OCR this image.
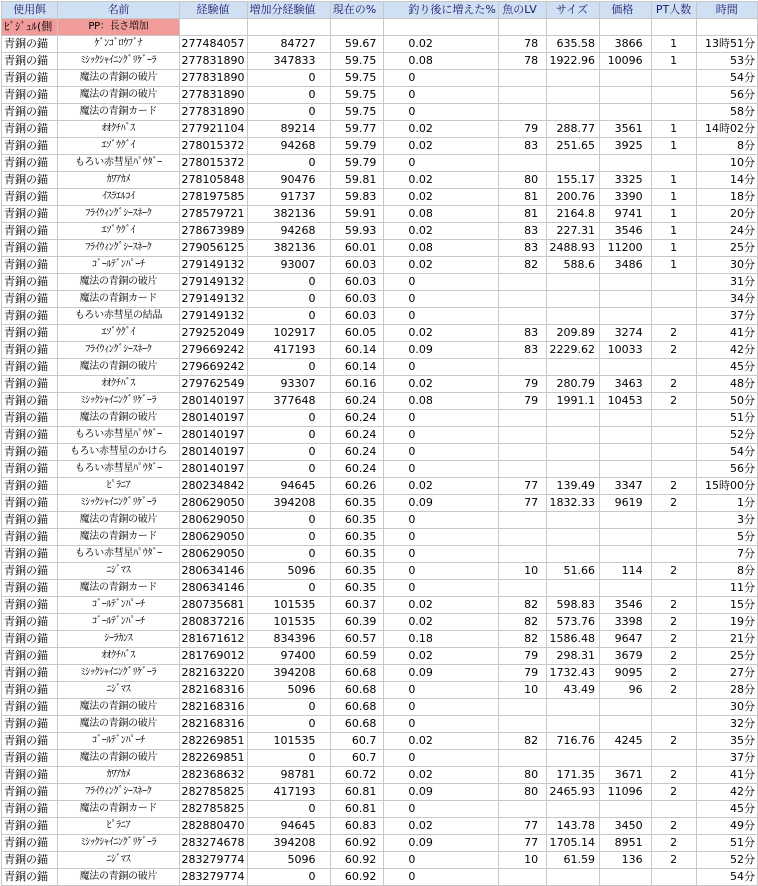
使用餌	名前	経験値	増加分経験値	現在の%	釣り後に増えた%	魚のLV	サイズ	価格	PT人数	時間
ﾋﾞｼﾞｭﾙ(側	PP：長さ増加									
青銅の錨	ｹﾞﾝｺﾞﾛｳﾌﾞﾅ	277484057	84727	59.67	0.02	78	635.58	3866	1	13時51分
青銅の錨	ﾐｼｯｸｼｬｲﾆﾝｸﾞﾘｹﾞｰﾗ	277831890	347833	59.75	0.08	78	1922.96	10096	1	53分
青銅の錨	魔法の青銅の破片	277831890	0	59.75	0					54分
青銅の錨	魔法の青銅の破片	277831890	0	59.75	0					56分
青銅の錨	魔法の青銅カード	277831890	0	59.75	0					58分
青銅の錨	ｵｵｸﾁﾊﾞｽ	277921104	89214	59.77	0.02	79	288.77	3561	1	14時02分
青銅の錨	ｴｿﾞｳｸﾞｲ	278015372	94268	59.79	0.02	83	251.65	3925	1	8分
青銅の錨	もろい赤彗星ﾊﾟｳﾀﾞｰ	278015372	0	59.79	0					10分
青銅の錨	ｶﾜｱｶﾒ	278105848	90476	59.81	0.02	80	155.17	3325	1	14分
青銅の錨	ｲｽﾗｴﾙｺｲ	278197585	91737	59.83	0.02	81	200.76	3390	1	18分
青銅の錨	ﾌﾗｲｳｨﾝｸﾞｼｰｽﾈｰｸ	278579721	382136	59.91	0.08	81	2164.8	9741	1	20分
青銅の錨	ｴｿﾞｳｸﾞｲ	278673989	94268	59.93	0.02	83	227.31	3546	1	24分
青銅の錨	ﾌﾗｲｳｨﾝｸﾞｼｰｽﾈｰｸ	279056125	382136	60.01	0.08	83	2488.93	11200	1	25分
青銅の錨	ｺﾞｰﾙﾃﾞﾝﾊﾟｰﾁ	279149132	93007	60.03	0.02	82	588.6	3486	1	30分
青銅の錨	魔法の青銅の破片	279149132	0	60.03	0					31分
青銅の錨	魔法の青銅カード	279149132	0	60.03	0					34分
青銅の錨	もろい赤彗星の結晶	279149132	0	60.03	0					37分
青銅の錨	ｴｿﾞｳｸﾞｲ	279252049	102917	60.05	0.02	83	209.89	3274	2	41分
青銅の錨	ﾌﾗｲｳｨﾝｸﾞｼｰｽﾈｰｸ	279669242	417193	60.14	0.09	83	2229.62	10033	2	42分
青銅の錨	魔法の青銅の破片	279669242	0	60.14	0					45分
青銅の錨	ｵｵｸﾁﾊﾞｽ	279762549	93307	60.16	0.02	79	280.79	3463	2	48分
青銅の錨	ﾐｼｯｸｼｬｲﾆﾝｸﾞﾘｹﾞｰﾗ	280140197	377648	60.24	0.08	79	1991.1	10453	2	50分
青銅の錨	魔法の青銅の破片	280140197	0	60.24	0					51分
青銅の錨	もろい赤彗星ﾊﾟｳﾀﾞｰ	280140197	0	60.24	0					52分
青銅の錨	もろい赤彗星のかけら	280140197	0	60.24	0					54分
青銅の錨	もろい赤彗星ﾊﾟｳﾀﾞｰ	280140197	0	60.24	0					56分
青銅の錨	ﾋﾟﾗﾆｱ	280234842	94645	60.26	0.02	77	139.49	3347	2	15時00分
青銅の錨	ﾐｼｯｸｼｬｲﾆﾝｸﾞﾘｹﾞｰﾗ	280629050	394208	60.35	0.09	77	1832.33	9619	2	1分
青銅の錨	魔法の青銅の破片	280629050	0	60.35	0					3分
青銅の錨	魔法の青銅カード	280629050	0	60.35	0					5分
青銅の錨	もろい赤彗星ﾊﾟｳﾀﾞｰ	280629050	0	60.35	0					7分
青銅の錨	ﾆｼﾞﾏｽ	280634146	5096	60.35	0	10	51.66	114	2	8分
青銅の錨	魔法の青銅カード	280634146	0	60.35	0					11分
青銅の錨	ｺﾞｰﾙﾃﾞﾝﾊﾟｰﾁ	280735681	101535	60.37	0.02	82	598.83	3546	2	15分
青銅の錨	ｺﾞｰﾙﾃﾞﾝﾊﾟｰﾁ	280837216	101535	60.39	0.02	82	573.76	3398	2	19分
青銅の錨	ｼｰﾗｶﾝｽ	281671612	834396	60.57	0.18	82	1586.48	9647	2	21分
青銅の錨	ｵｵｸﾁﾊﾞｽ	281769012	97400	60.59	0.02	79	298.31	3679	2	25分
青銅の錨	ﾐｼｯｸｼｬｲﾆﾝｸﾞﾘｹﾞｰﾗ	282163220	394208	60.68	0.09	79	1732.43	9095	2	27分
青銅の錨	ﾆｼﾞﾏｽ	282168316	5096	60.68	0	10	43.49	96	2	28分
青銅の錨	魔法の青銅の破片	282168316	0	60.68	0					30分
青銅の錨	魔法の青銅の破片	282168316	0	60.68	0					32分
青銅の錨	ｺﾞｰﾙﾃﾞﾝﾊﾟｰﾁ	282269851	101535	60.7	0.02	82	716.76	4245	2	35分
青銅の錨	魔法の青銅の破片	282269851	0	60.7	0					37分
青銅の錨	ｶﾜｱｶﾒ	282368632	98781	60.72	0.02	80	171.35	3671	2	41分
青銅の錨	ﾌﾗｲｳｨﾝｸﾞｼｰｽﾈｰｸ	282785825	417193	60.81	0.09	80	2465.93	11096	2	42分
青銅の錨	魔法の青銅カード	282785825	0	60.81	0					45分
青銅の錨	ﾋﾟﾗﾆｱ	282880470	94645	60.83	0.02	77	143.78	3450	2	49分
青銅の錨	ﾐｼｯｸｼｬｲﾆﾝｸﾞﾘｹﾞｰﾗ	283274678	394208	60.92	0.09	77	1705.14	8951	2	51分
青銅の錨	ﾆｼﾞﾏｽ	283279774	5096	60.92	0	10	61.59	136	2	52分
青銅の錨	魔法の青銅の破片	283279774	0	60.92	0					54分
